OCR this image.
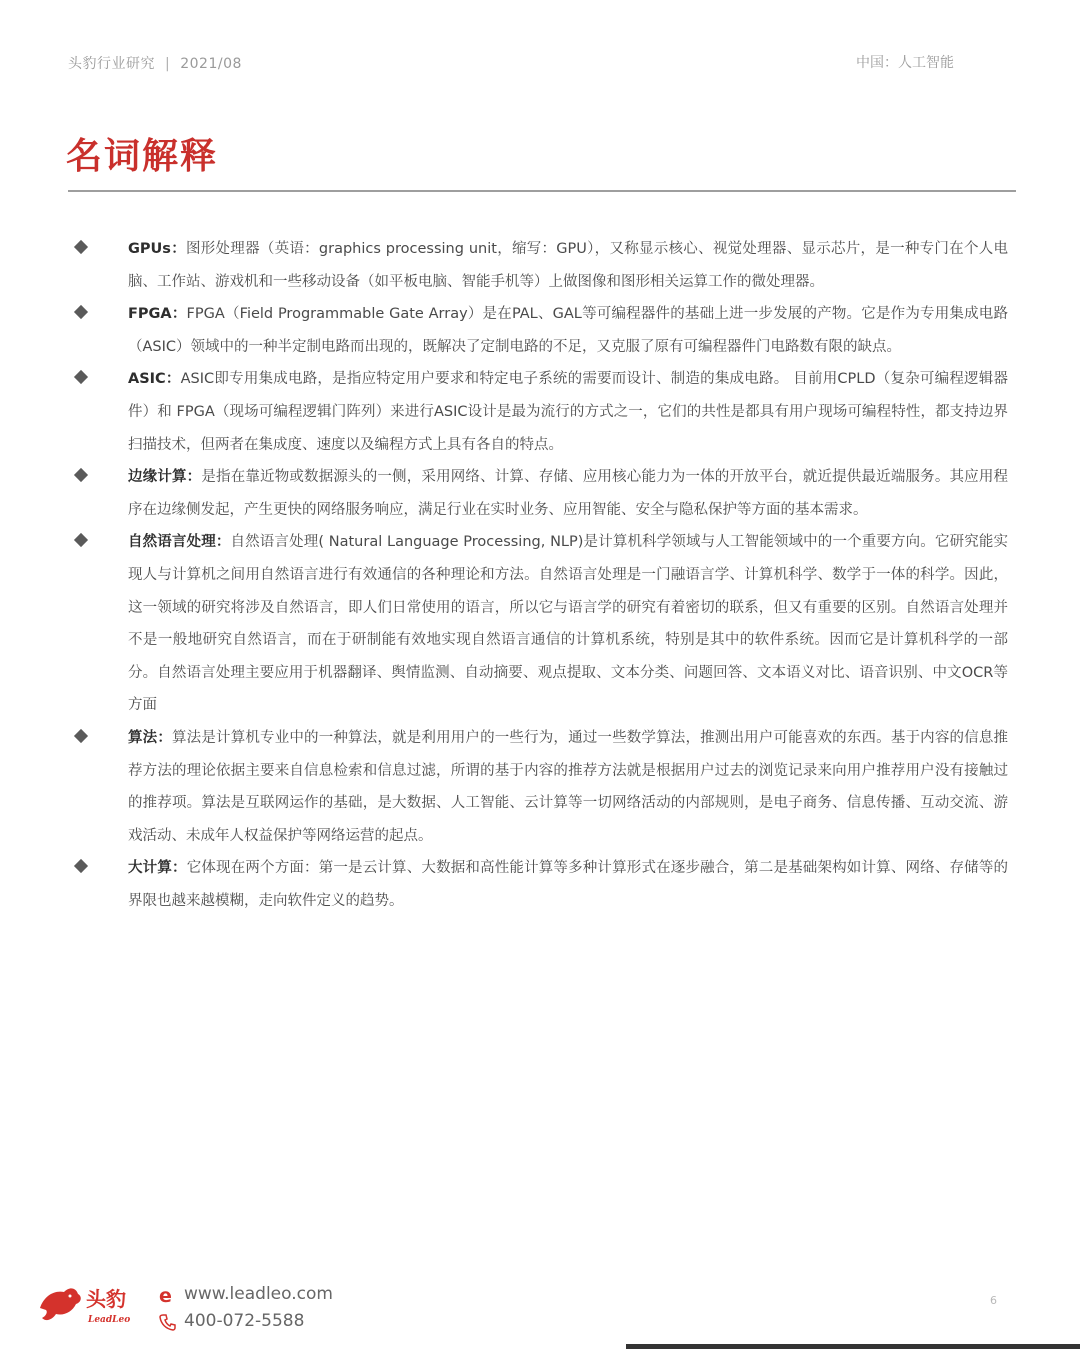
头豹行业研究 | 2021/08	中国：人工智能
名词解释
GPUs：图形处理器（英语：graphics processing unit，缩写：GPU），又称显示核心、视觉处理器、显示芯片，是一种专门在个人电脑、工作站、游戏机和一些移动设备（如平板电脑、智能手机等）上做图像和图形相关运算工作的微处理器。
FPGA：FPGA（Field Programmable Gate Array）是在PAL、GAL等可编程器件的基础上进一步发展的产物。它是作为专用集成电路（ASIC）领域中的一种半定制电路而出现的，既解决了定制电路的不足，又克服了原有可编程器件门电路数有限的缺点。
ASIC：ASIC即专用集成电路，是指应特定用户要求和特定电子系统的需要而设计、制造的集成电路。 目前用CPLD（复杂可编程逻辑器件）和 FPGA（现场可编程逻辑门阵列）来进行ASIC设计是最为流行的方式之一，它们的共性是都具有用户现场可编程特性，都支持边界扫描技术，但两者在集成度、速度以及编程方式上具有各自的特点。
边缘计算：是指在靠近物或数据源头的一侧，采用网络、计算、存储、应用核心能力为一体的开放平台，就近提供最近端服务。其应用程序在边缘侧发起，产生更快的网络服务响应，满足行业在实时业务、应用智能、安全与隐私保护等方面的基本需求。
自然语言处理：自然语言处理( Natural Language Processing, NLP)是计算机科学领域与人工智能领域中的一个重要方向。它研究能实现人与计算机之间用自然语言进行有效通信的各种理论和方法。自然语言处理是一门融语言学、计算机科学、数学于一体的科学。因此，这一领域的研究将涉及自然语言，即人们日常使用的语言，所以它与语言学的研究有着密切的联系，但又有重要的区别。自然语言处理并不是一般地研究自然语言，而在于研制能有效地实现自然语言通信的计算机系统，特别是其中的软件系统。因而它是计算机科学的一部分。自然语言处理主要应用于机器翻译、舆情监测、自动摘要、观点提取、文本分类、问题回答、文本语义对比、语音识别、中文OCR等方面
算法：算法是计算机专业中的一种算法，就是利用用户的一些行为，通过一些数学算法，推测出用户可能喜欢的东西。基于内容的信息推荐方法的理论依据主要来自信息检索和信息过滤，所谓的基于内容的推荐方法就是根据用户过去的浏览记录来向用户推荐用户没有接触过的推荐项。算法是互联网运作的基础，是大数据、人工智能、云计算等一切网络活动的内部规则，是电子商务、信息传播、互动交流、游戏活动、未成年人权益保护等网络运营的起点。
大计算：它体现在两个方面：第一是云计算、大数据和高性能计算等多种计算形式在逐步融合，第二是基础架构如计算、网络、存储等的界限也越来越模糊，走向软件定义的趋势。
头豹
LeadLeo
e www.leadleo.com
400-072-5588
6
